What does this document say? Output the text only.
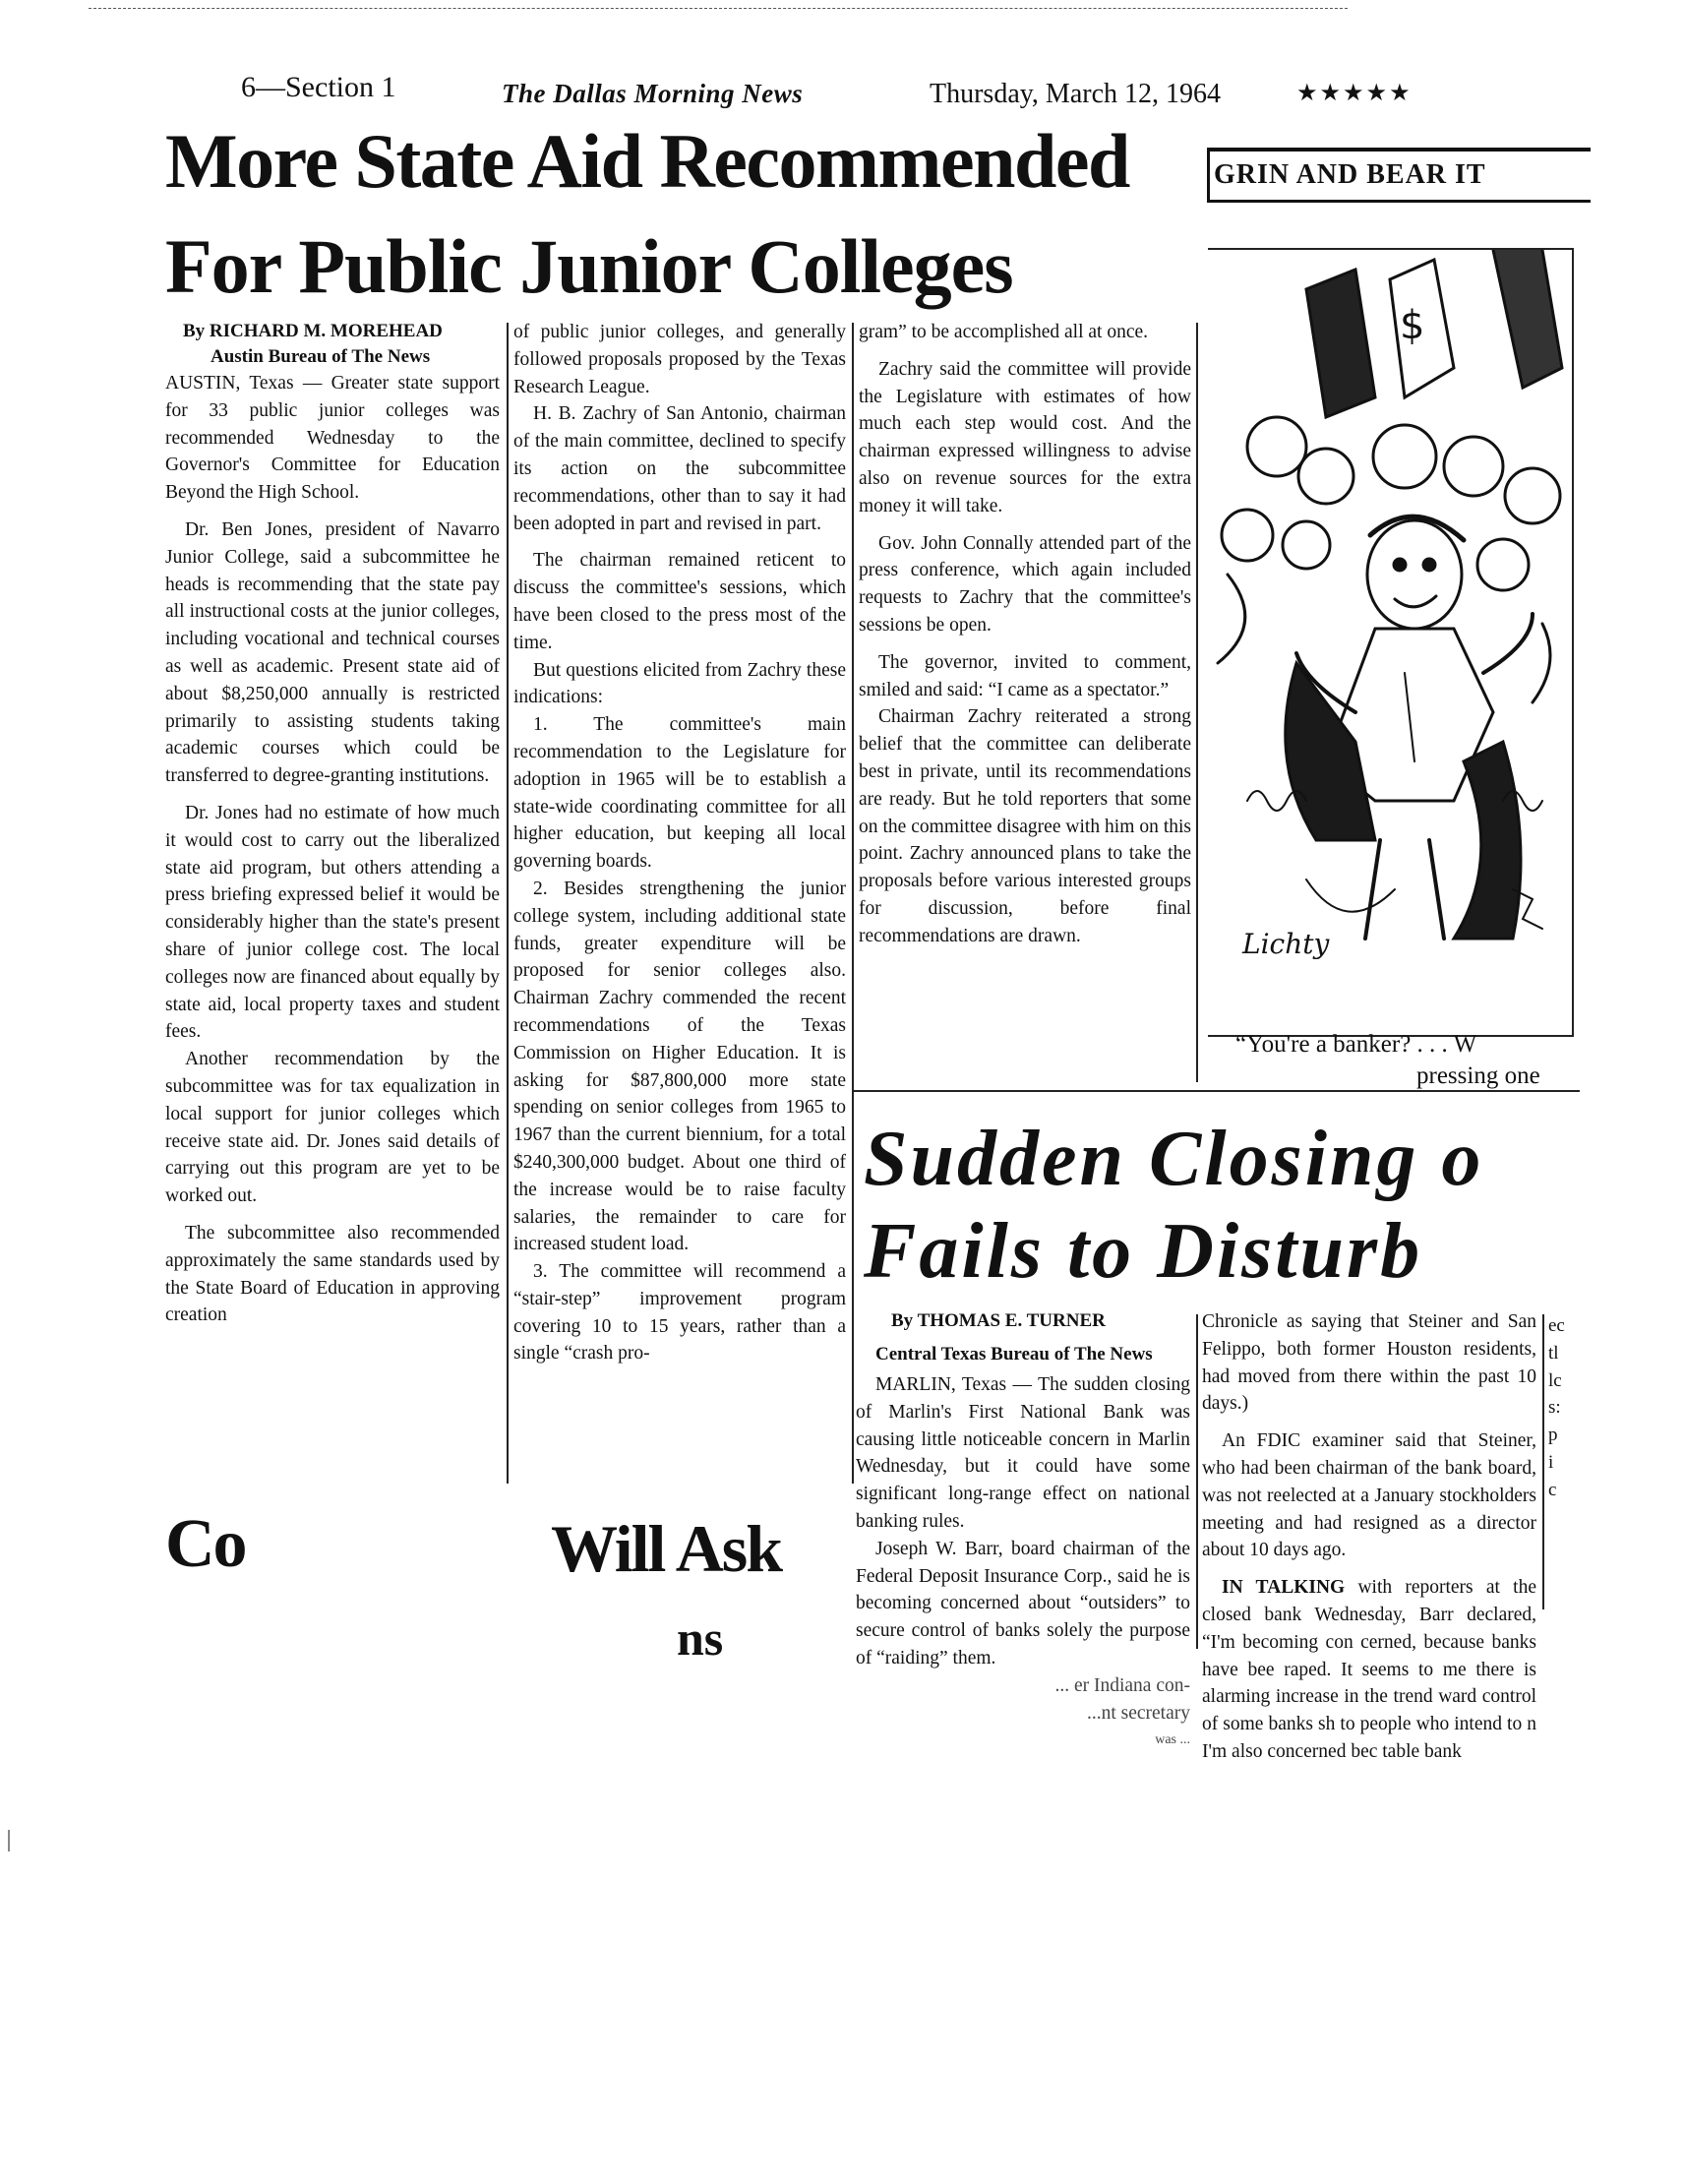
6—Section 1	The Dallas Morning News	Thursday, March 12, 1964	★★★★★
More State Aid Recommended
For Public Junior Colleges

By RICHARD M. MOREHEAD

Austin Bureau of The News

AUSTIN, Texas — Greater state support for 33 public junior colleges was recommended Wednesday to the Governor's Committee for Education Beyond the High School.

Dr. Ben Jones, president of Navarro Junior College, said a subcommittee he heads is recommending that the state pay all instructional costs at the junior colleges, including vocational and technical courses as well as academic. Present state aid of about $8,250,000 annually is restricted primarily to assisting students taking academic courses which could be transferred to degree-granting institutions.

Dr. Jones had no estimate of how much it would cost to carry out the liberalized state aid program, but others attending a press briefing expressed belief it would be considerably higher than the state's present share of junior college cost. The local colleges now are financed about equally by state aid, local property taxes and student fees.

Another recommendation by the subcommittee was for tax equalization in local support for junior colleges which receive state aid. Dr. Jones said details of carrying out this program are yet to be worked out.

The subcommittee also recommended approximately the same standards used by the State Board of Education in approving creation

of public junior colleges, and generally followed proposals proposed by the Texas Research League.

H. B. Zachry of San Antonio, chairman of the main committee, declined to specify its action on the subcommittee recommendations, other than to say it had been adopted in part and revised in part.

The chairman remained reticent to discuss the committee's sessions, which have been closed to the press most of the time.

But questions elicited from Zachry these indications:

1. The committee's main recommendation to the Legislature for adoption in 1965 will be to establish a state-wide coordinating committee for all higher education, but keeping all local governing boards.

2. Besides strengthening the junior college system, including additional state funds, greater expenditure will be proposed for senior colleges also. Chairman Zachry commended the recent recommendations of the Texas Commission on Higher Education. It is asking for $87,800,000 more state spending on senior colleges from 1965 to 1967 than the current biennium, for a total $240,300,000 budget. About one third of the increase would be to raise faculty salaries, the remainder to care for increased student load.

3. The committee will recommend a “stair-step” improvement program covering 10 to 15 years, rather than a single “crash pro-

gram” to be accomplished all at once.

Zachry said the committee will provide the Legislature with estimates of how much each step would cost. And the chairman expressed willingness to advise also on revenue sources for the extra money it will take.

Gov. John Connally attended part of the press conference, which again included requests to Zachry that the committee's sessions be open.

The governor, invited to comment, smiled and said: “I came as a spectator.”

Chairman Zachry reiterated a strong belief that the committee can deliberate best in private, until its recommendations are ready. But he told reporters that some on the committee disagree with him on this point. Zachry announced plans to take the proposals before various interested groups for discussion, before final recommendations are drawn.

GRIN AND BEAR IT
$
Lichty
“You're a banker? . . . W
pressing one
Sudden Closing o
Fails to Disturb

By THOMAS E. TURNER

Central Texas Bureau of The News

MARLIN, Texas — The sudden closing of Marlin's First National Bank was causing little noticeable concern in Marlin Wednesday, but it could have some significant long-range effect on national banking rules.

Joseph W. Barr, board chairman of the Federal Deposit Insurance Corp., said he is becoming concerned about “outsiders” to secure control of banks solely the purpose of “raiding” them.

... er Indiana con-

...nt secretary

was ...

Chronicle as saying that Steiner and San Felippo, both former Houston residents, had moved from there within the past 10 days.)

An FDIC examiner said that Steiner, who had been chairman of the bank board, was not reelected at a January stockholders meeting and had resigned as a director about 10 days ago.

IN TALKING with reporters at the closed bank Wednesday, Barr declared, “I'm becoming con cerned, because banks have bee raped. It seems to me there is alarming increase in the trend ward control of some banks sh to people who intend to n I'm also concerned bec table bank

ec
tl
lc
s:
p
i
c
Co	Will Ask
ns
